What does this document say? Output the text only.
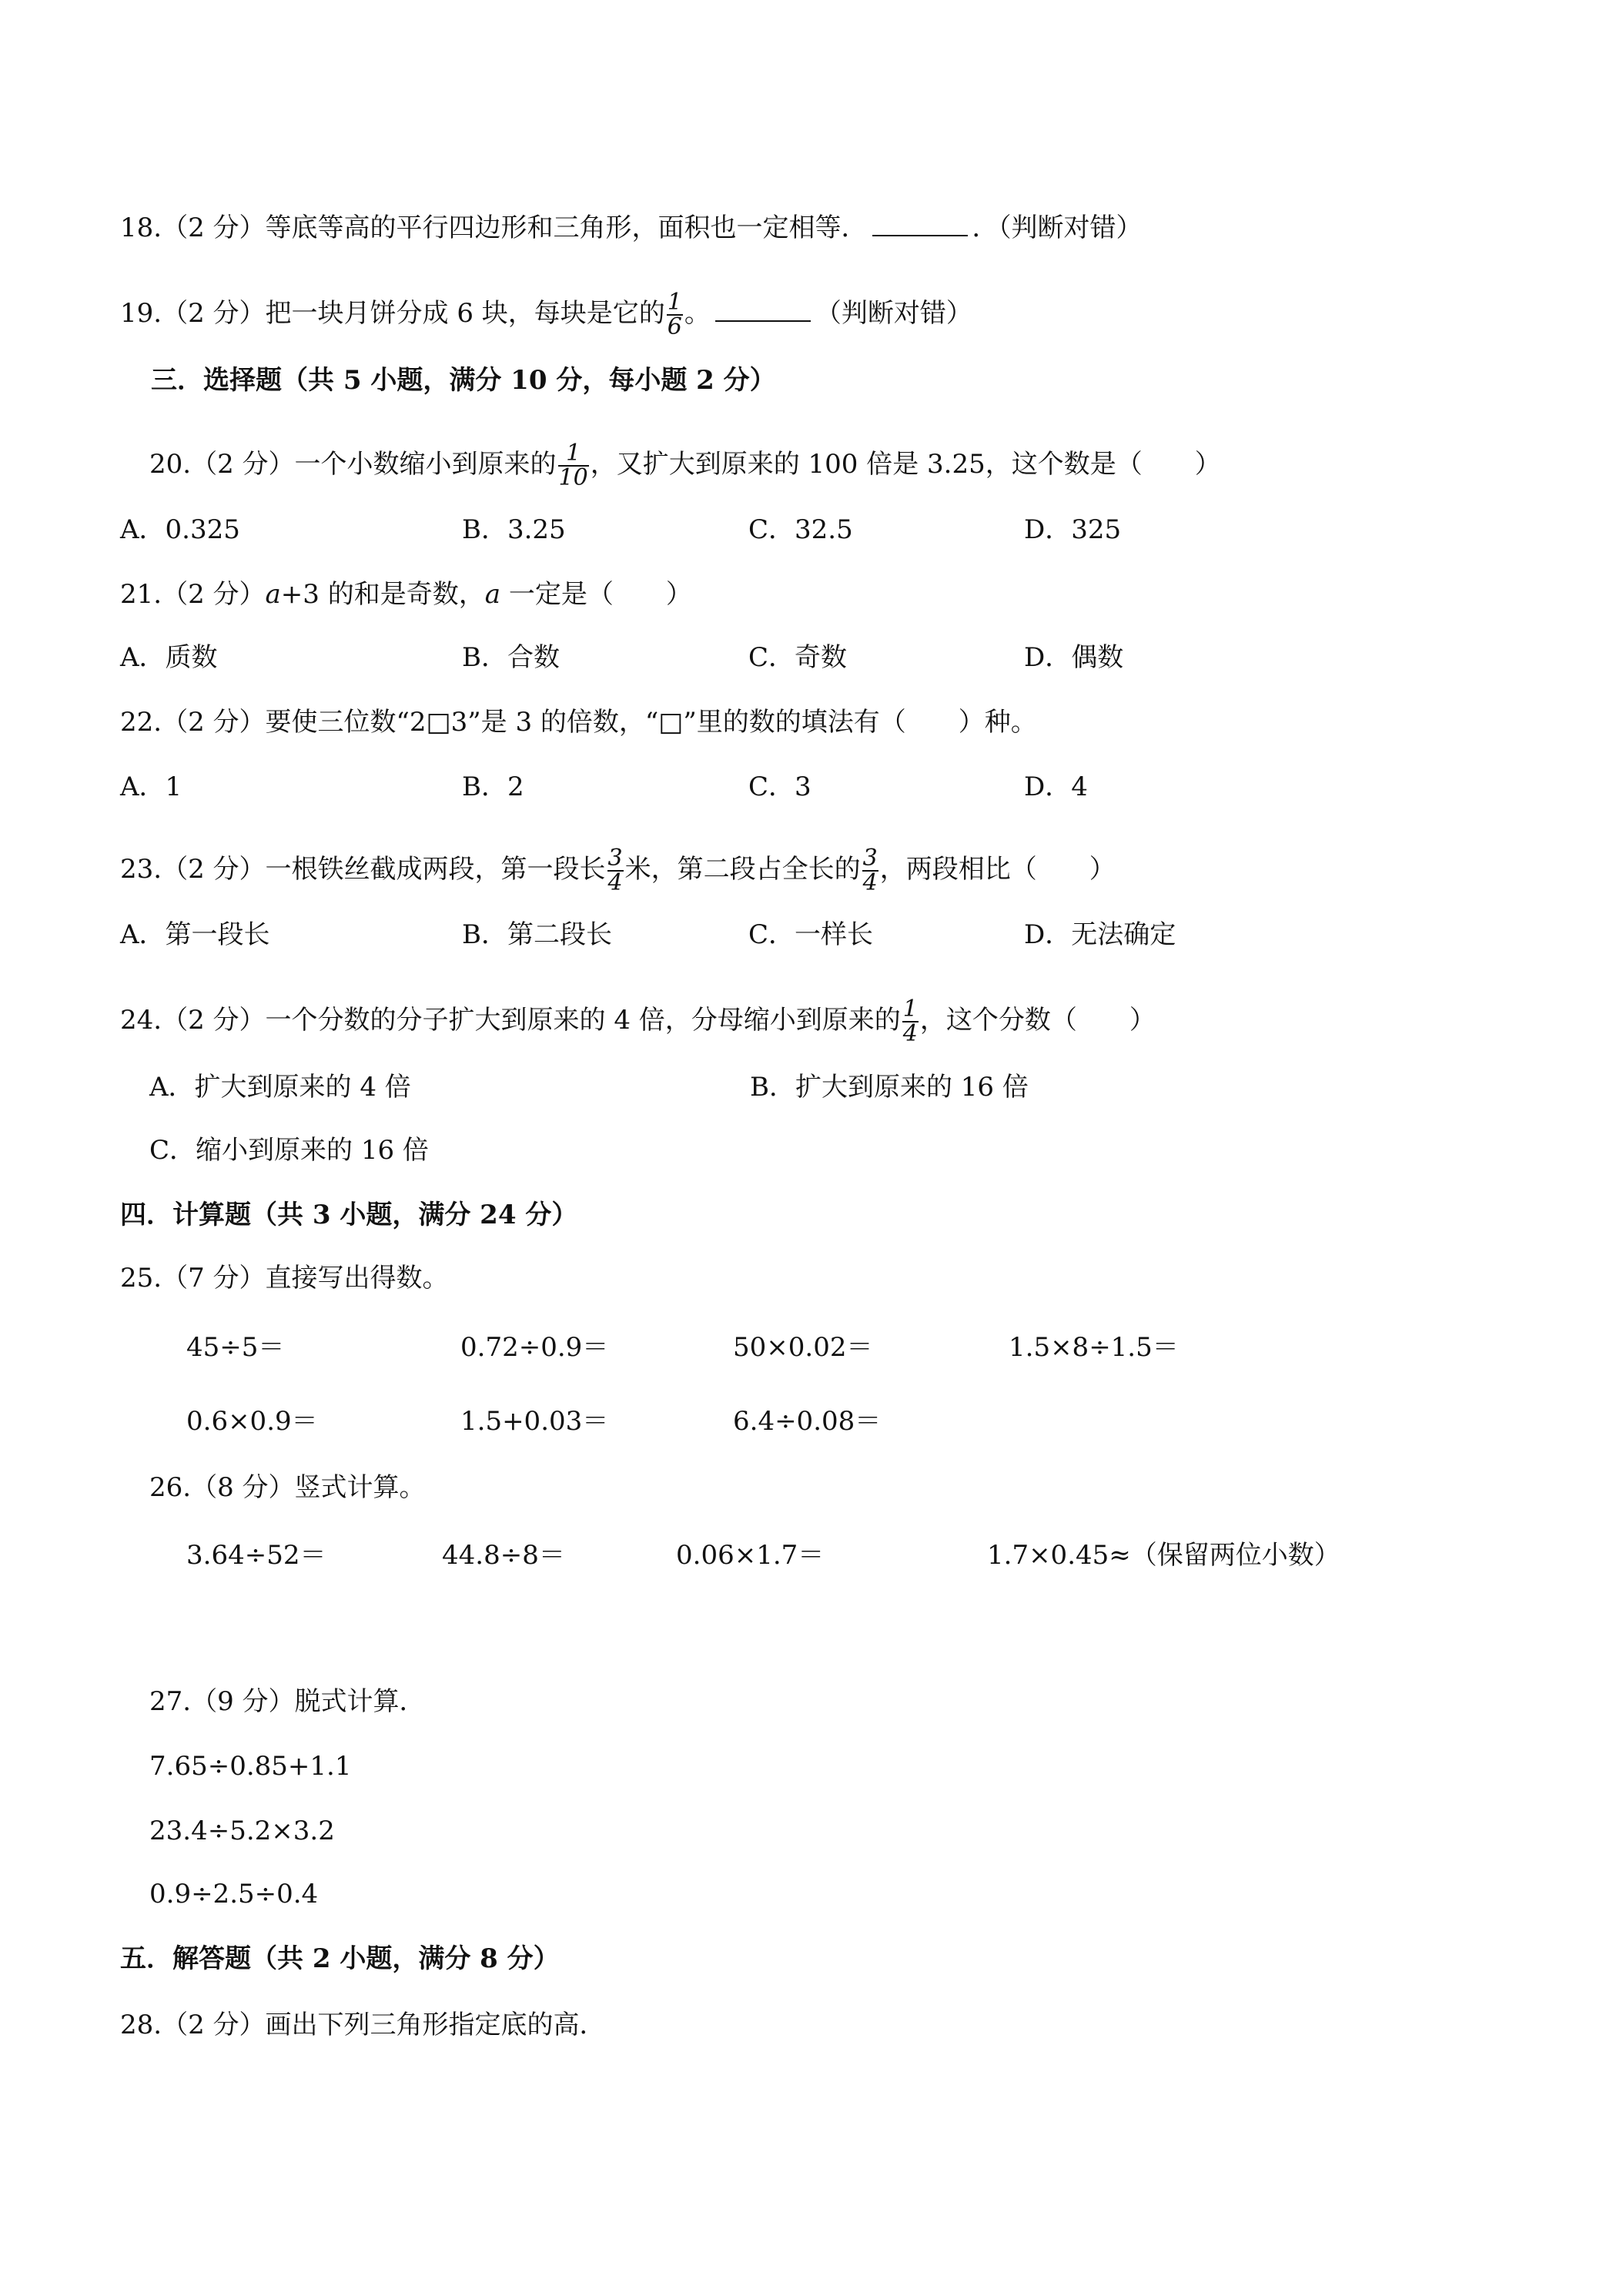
18.（2 分）等底等高的平行四边形和三角形，面积也一定相等．	．（判断对错）
19.（2 分）把一块月饼分成 6 块，每块是它的 $\frac{1}{6}$ 。	（判断对错）
三．选择题（共 5 小题，满分 10 分，每小题 2 分）
20.（2 分）一个小数缩小到原来的 $\frac{1}{10}$ ，又扩大到原来的 100 倍是 3.25，这个数是（　　）
A．0.325	B．3.25	C．32.5	D．325
21.（2 分）a+3 的和是奇数，a 一定是（　　）
A．质数	B．合数	C．奇数	D．偶数
22.（2 分）要使三位数“2□3”是 3 的倍数，“□”里的数的填法有（　　）种。
A．1	B．2	C．3	D．4
23.（2 分）一根铁丝截成两段，第一段长 $\frac{3}{4}$ 米，第二段占全长的 $\frac{3}{4}$ ，两段相比（　　）
A．第一段长	B．第二段长	C．一样长	D．无法确定
24.（2 分）一个分数的分子扩大到原来的 4 倍，分母缩小到原来的 $\frac{1}{4}$ ，这个分数（　　）
A．扩大到原来的 4 倍	B．扩大到原来的 16 倍
C．缩小到原来的 16 倍
四．计算题（共 3 小题，满分 24 分）
25.（7 分）直接写出得数。
45÷5＝	0.72÷0.9＝	50×0.02＝	1.5×8÷1.5＝
0.6×0.9＝	1.5+0.03＝	6.4÷0.08＝
26.（8 分）竖式计算。
3.64÷52＝	44.8÷8＝	0.06×1.7＝	1.7×0.45≈（保留两位小数）
27.（9 分）脱式计算．
7.65÷0.85+1.1
23.4÷5.2×3.2
0.9÷2.5÷0.4
五．解答题（共 2 小题，满分 8 分）
28.（2 分）画出下列三角形指定底的高．
